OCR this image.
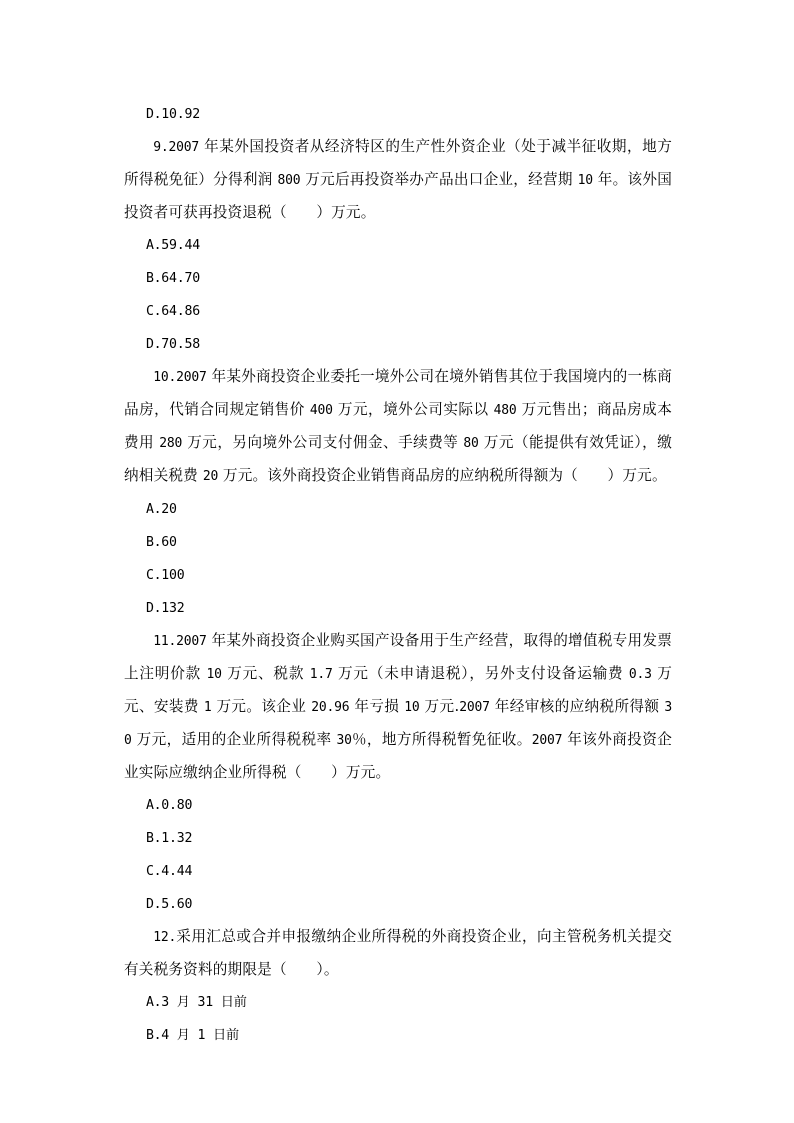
D.10.92

9.2007 年某外国投资者从经济特区的生产性外资企业（处于减半征收期，地方所得税免征）分得利润 800 万元后再投资举办产品出口企业，经营期 10 年。该外国投资者可获再投资退税（　　）万元。

A.59.44

B.64.70

C.64.86

D.70.58

10.2007 年某外商投资企业委托一境外公司在境外销售其位于我国境内的一栋商品房，代销合同规定销售价 400 万元，境外公司实际以 480 万元售出；商品房成本费用 280 万元，另向境外公司支付佣金、手续费等 80 万元（能提供有效凭证），缴纳相关税费 20 万元。该外商投资企业销售商品房的应纳税所得额为（　　）万元。

A.20

B.60

C.100

D.132

11.2007 年某外商投资企业购买国产设备用于生产经营，取得的增值税专用发票上注明价款 10 万元、税款 1.7 万元（未申请退税），另外支付设备运输费 0.3 万元、安装费 1 万元。该企业 20.96 年亏损 10 万元.2007 年经审核的应纳税所得额 30 万元，适用的企业所得税税率 30％，地方所得税暂免征收。2007 年该外商投资企业实际应缴纳企业所得税（　　）万元。

A.0.80

B.1.32

C.4.44

D.5.60

12.采用汇总或合并申报缴纳企业所得税的外商投资企业，向主管税务机关提交有关税务资料的期限是（　　）。

A.3 月 31 日前

B.4 月 1 日前
